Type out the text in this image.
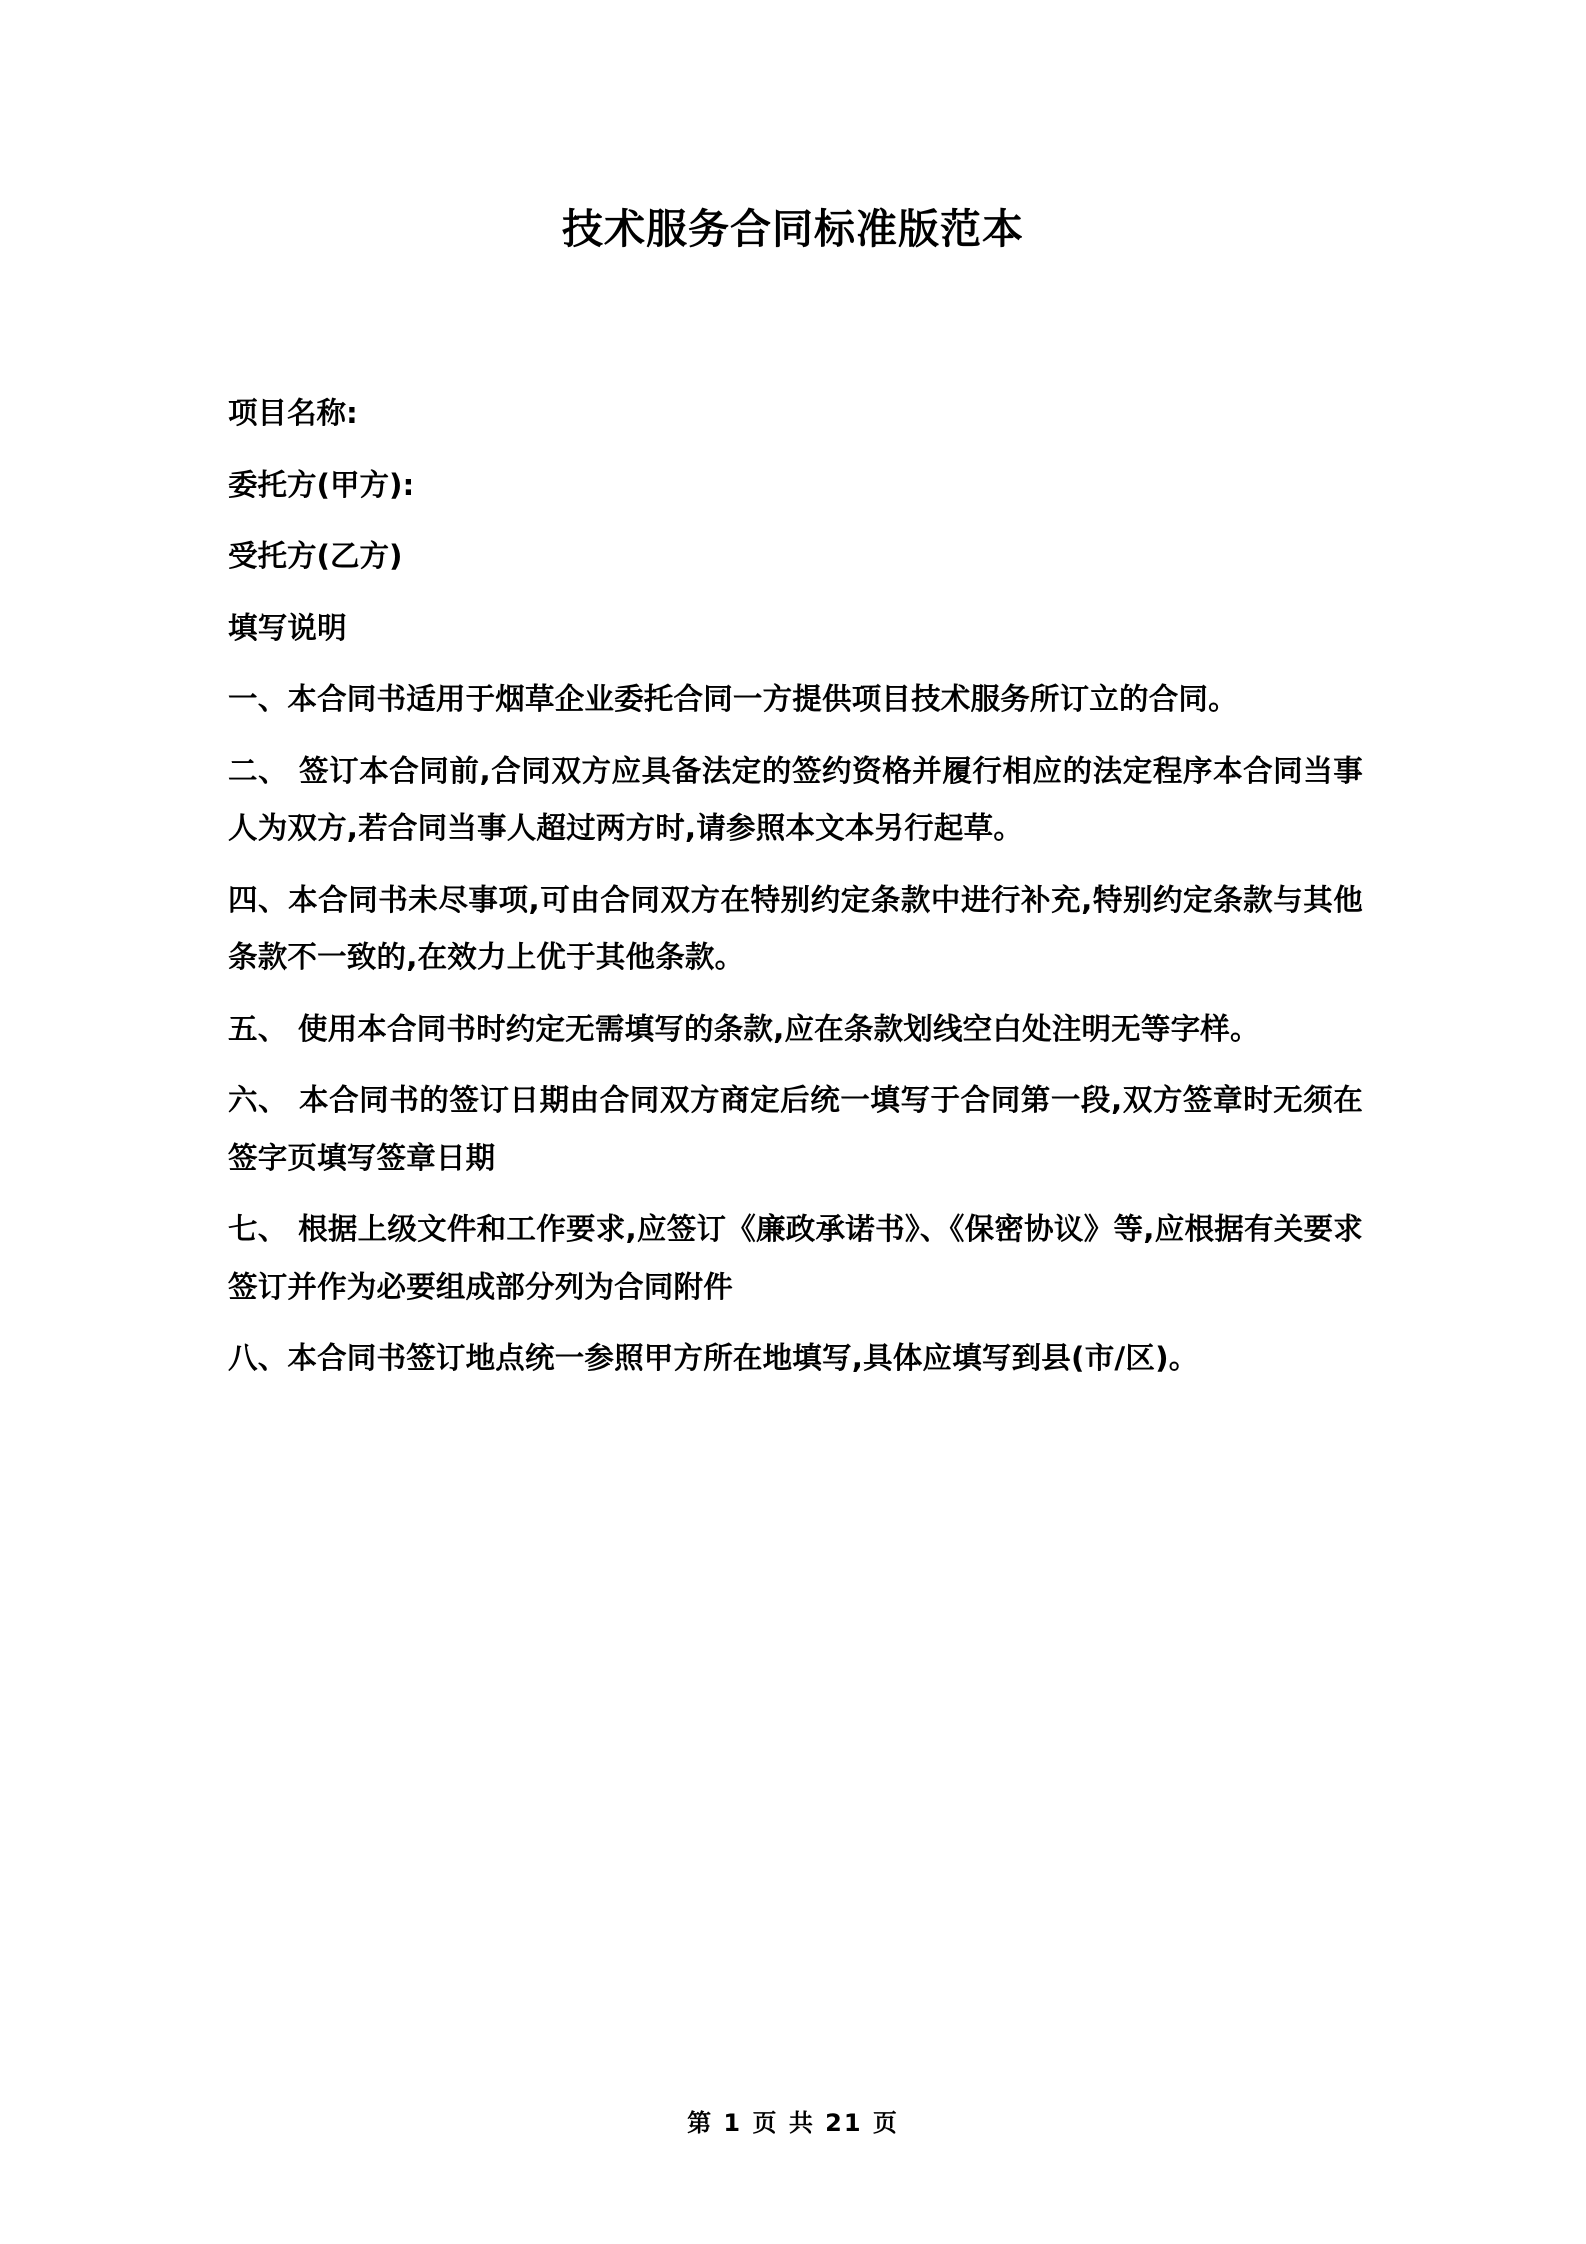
技术服务合同标准版范本

项目名称:

委托方(甲方):

受托方(乙方)

填写说明

一、本合同书适用于烟草企业委托合同一方提供项目技术服务所订立的合同。

二、 签订本合同前,合同双方应具备法定的签约资格并履行相应的法定程序本合同当事人为双方,若合同当事人超过两方时,请参照本文本另行起草。

四、本合同书未尽事项,可由合同双方在特别约定条款中进行补充,特别约定条款与其他条款不一致的,在效力上优于其他条款。

五、 使用本合同书时约定无需填写的条款,应在条款划线空白处注明无等字样。

六、 本合同书的签订日期由合同双方商定后统一填写于合同第一段,双方签章时无须在签字页填写签章日期

七、 根据上级文件和工作要求,应签订《廉政承诺书》、《保密协议》等,应根据有关要求签订并作为必要组成部分列为合同附件

八、本合同书签订地点统一参照甲方所在地填写,具体应填写到县(市/区)。

第 1 页 共 21 页
